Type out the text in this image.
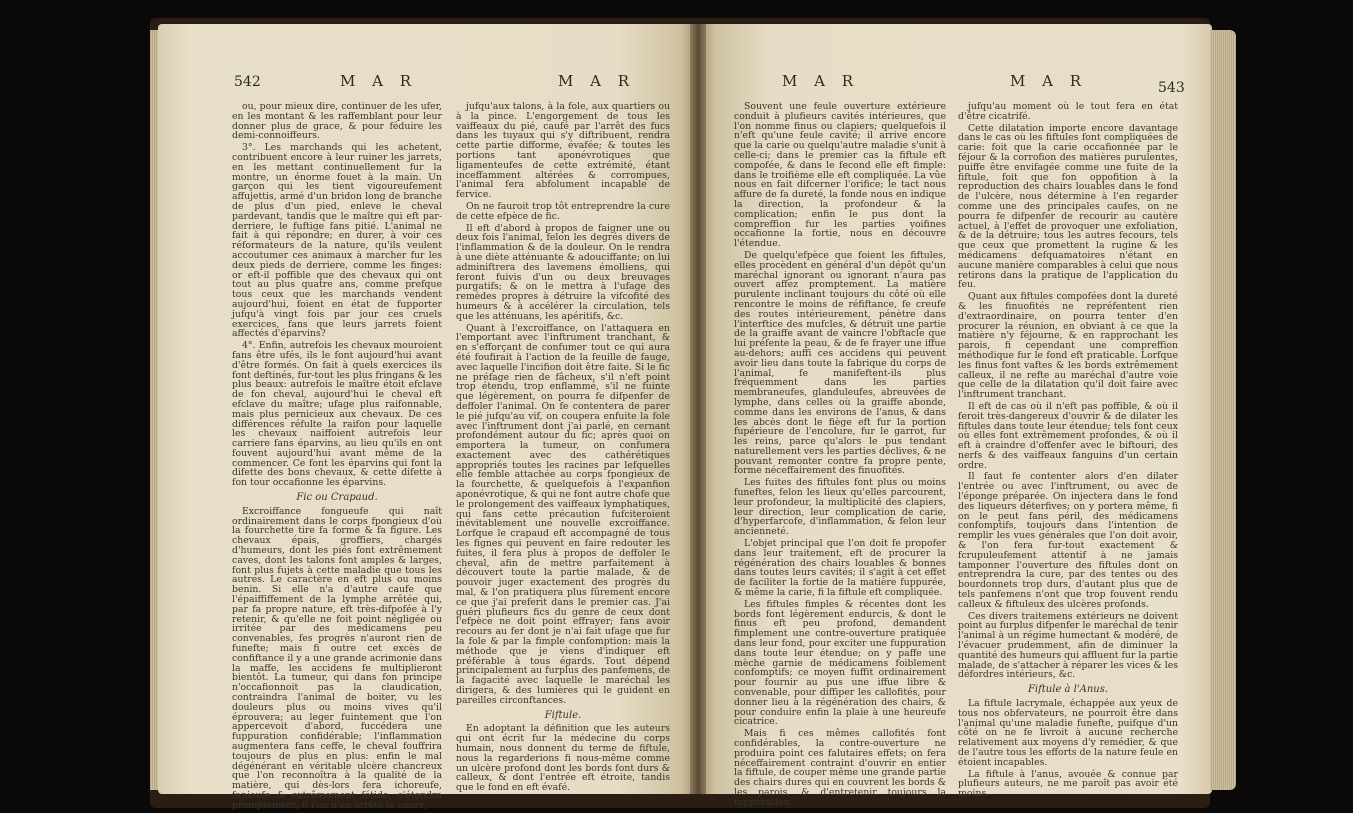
542	M A R	M A R

ou, pour mieux dire, continuer de les ufer, en les montant & les raffemblant pour leur donner plus de grace, & pour féduire les demi-connoiffeurs.

3°. Les marchands qui les achetent, contribuent encore à leur ruiner les jarrets, en les mettant continuellement fur la montre, un énorme fouet à la main. Un garçon qui les tient vigoureufement affujettis, armé d'un bridon long de branche de plus d'un pied, enleve le cheval pardevant, tandis que le maître qui eft par-derriere, le fuftige fans pitié. L'animal ne fait à qui répondre; en durer, à voir ces réformateurs de la nature, qu'ils veulent accoutumer ces animaux à marcher fur les deux pieds de derriere, comme les finges: or eft-il poffible que des chevaux qui ont tout au plus quatre ans, comme prefque tous ceux que les marchands vendent aujourd'hui, foient en état de fupporter jufqu'à vingt fois par jour ces cruels exercices, fans que leurs jarrets foient affectés d'éparvins?

4°. Enfin, autrefois les chevaux mouroient fans être ufés, ils le font aujourd'hui avant d'être formés. On fait à quels exercices ils font deftinés, fur-tout les plus fringans & les plus beaux: autrefois le maître étoit efclave de fon cheval, aujourd'hui le cheval eft efclave du maître; ufage plus raifonnable, mais plus pernicieux aux chevaux. De ces différences réfulte la raifon pour laquelle les chevaux naiffoient autrefois leur carriere fans éparvins, au lieu qu'ils en ont fouvent aujourd'hui avant même de la commencer. Ce font les éparvins qui font la difette des bons chevaux, & cette difette à fon tour occafionne les éparvins.

Fic ou Crapaud.

Excroiffance fongueufe qui naît ordinairement dans le corps fpongieux d'où la fourchette tire fa forme & fa figure. Les chevaux épais, groffiers, chargés d'humeurs, dont les piés font extrêmement caves, dont les talons font amples & larges, font plus fujets à cette maladie que tous les autres. Le caractère en eft plus ou moins benin. Si elle n'a d'autre caufe que l'épaiffiffement de la lymphe arrêtée qui, par fa propre nature, eft très-difpofée à l'y retenir, & qu'elle ne foit point négligée ou irritée par des médicamens peu convenables, fes progrès n'auront rien de funefte; mais fi outre cet excès de confiftance il y a une grande acrimonie dans la maffe, les accidens fe multiplieront bientôt. La tumeur, qui dans fon principe n'occafionnoit pas la claudication, contraindra l'animal de boiter, vu les douleurs plus ou moins vives qu'il éprouvera; au leger fuintement que l'on appercevoit d'abord, fuccédera une fuppuration confidérable; l'inflammation augmentera fans ceffe, le cheval fouffrira toujours de plus en plus: enfin le mal dégénérant en véritable ulcère chancreux que l'on reconnoîtra à la qualité de la matière, qui dès-lors fera ichoreufe, fanieufe & extrêmement fétide, s'étendra promptement, fi l'on n'en arrête le cours,

jufqu'aux talons, à la fole, aux quartiers ou à la pince. L'engorgement de tous les vaiffeaux du pié, caufé par l'arrêt des fucs dans les tuyaux qui s'y diftribuent, rendra cette partie difforme, évafée; & toutes les portions tant aponévrotiques que ligamenteufes de cette extrémité, étant inceffamment altérées & corrompues, l'animal fera abfolument incapable de fervice.

On ne fauroit trop tôt entreprendre la cure de cette efpèce de fic.

Il eft d'abord à propos de faigner une ou deux fois l'animal, felon les degrés divers de l'inflammation & de la douleur. On le rendra à une diète atténuante & adouciffante; on lui adminiftrera des lavemens émolliens, qui feront fuivis d'un ou deux breuvages purgatifs; & on le mettra à l'ufage des remèdes propres à détruire la vifcofité des humeurs & à accélérer la circulation, tels que les atténuans, les apéritifs, &c.

Quant à l'excroiffance, on l'attaquera en l'emportant avec l'inftrument tranchant, & en s'efforçant de confumer tout ce qui aura été foufirait à l'action de la feuille de fauge, avec laquelle l'incifion doit être faite. Si le fic ne préfage rien de fâcheux, s'il n'eft point trop étendu, trop enflammé, s'il ne fuinte que légèrement, on pourra fe difpenfer de deffoler l'animal. On fe contentera de parer le pié jufqu'au vif, on coupera enfuite la fole avec l'inftrument dont j'ai parlé, en cernant profondément autour du fic; après quoi on emportera la tumeur, on confumera exactement avec des cathérétiques appropriés toutes les racines par lefquelles elle femble attachée au corps fpongieux de la fourchette, & quelquefois à l'expanfion aponévrotique, & qui ne font autre chofe que le prolongement des vaiffeaux lymphatiques, qui fans cette précaution fufciteroient inévitablement une nouvelle excroiffance. Lorfque le crapaud eft accompagné de tous les fignes qui peuvent en faire redouter les fuites, il fera plus à propos de deffoler le cheval, afin de mettre parfaitement à découvert toute la partie malade, & de pouvoir juger exactement des progrès du mal, & l'on pratiquera plus fûrement encore ce que j'ai preferit dans le premier cas. J'ai guéri plufieurs fics du genre de ceux dont l'efpèce ne doit point effrayer; fans avoir recours au fer dont je n'ai fait ufage que fur la fole & par la fimple confomption: mais la méthode que je viens d'indiquer eft préférable à tous égards. Tout dépend principalement au furplus des panfemens, de la fagacité avec laquelle le maréchal les dirigera, & des lumières qui le guident en pareilles circonftances.

Fiftule.

En adoptant la définition que les auteurs qui ont écrit fur la médecine du corps humain, nous donnent du terme de fiftule, nous la regarderions fi nous-même comme un ulcère profond dont les bords font durs & calleux, & dont l'entrée eft étroite, tandis que le fond en eft évafé.

M A R	M A R	543

Souvent une feule ouverture extérieure conduit à plufieurs cavités intérieures, que l'on nomme finus ou clapiers; quelquefois il n'eft qu'une feule cavité; il arrive encore que la carie ou quelqu'autre maladie s'unit à celle-ci; dans le premier cas la fiftule eft compofée, & dans le fecond elle eft fimple: dans le troifième elle eft compliquée. La vûe nous en fait difcerner l'orifice; le tact nous affure de fa dureté, la fonde nous en indique la direction, la profondeur & la complication; enfin le pus dont la compreffion fur les parties voifines occafionne la fortie, nous en découvre l'étendue.

De quelqu'efpèce que foient les fiftules, elles procèdent en général d'un dépôt qu'un maréchal ignorant ou ignorant n'aura pas ouvert affez promptement. La matière purulente inclinant toujours du côté où elle rencontre le moins de réfiftance, fe creufe des routes intérieurement, pénètre dans l'interftice des mufcles, & détruit une partie de la graiffe avant de vaincre l'obftacle que lui préfente la peau, & de fe frayer une iffue au-dehors; auffi ces accidens qui peuvent avoir lieu dans toute la fabrique du corps de l'animal, fe manifeftent-ils plus fréquemment dans les parties membraneufes, glanduleufes, abreuvées de lymphe, dans celles où la graiffe abonde, comme dans les environs de l'anus, & dans les abcès dont le fiège eft fur la portion fupérieure de l'encolure, fur le garrot, fur les reins, parce qu'alors le pus tendant naturellement vers les parties déclives, & ne pouvant remonter contre fa propre pente, forme néceffairement des finuofités.

Les fuites des fiftules font plus ou moins funeftes, felon les lieux qu'elles parcourent, leur profondeur, la multiplicité des clapiers, leur direction, leur complication de carie, d'hyperfarcofe, d'inflammation, & felon leur ancienneté.

L'objet principal que l'on doit fe propofer dans leur traitement, eft de procurer la régénération des chairs louables & bonnes dans toutes leurs cavités; il s'agit à cet effet de faciliter la fortie de la matière fuppurée, & même la carie, fi la fiftule eft compliquée.

Les fiftules fimples & récentes dont les bords font légèrement endurcis, & dont le finus eft peu profond, demandent fimplement une contre-ouverture pratiquée dans leur fond, pour exciter une fuppuration dans toute leur étendue; on y paffe une mèche garnie de médicamens foiblement confomptifs; ce moyen fuffit ordinairement pour fournir au pus une iffue libre & convenable, pour diffiper les callofités, pour donner lieu à la régénération des chairs, & pour conduire enfin la plaie à une heureufe cicatrice.

Mais fi ces mêmes callofités font confidérables, la contre-ouverture ne produira point ces falutaires effets; on fera néceffairement contraint d'ouvrir en entier la fiftule, de couper même une grande partie des chairs dures qui en couvrent les bords & les parois, & d'entretenir toujours la fuppuration

jufqu'au moment où le tout fera en état d'être cicatrifé.

Cette dilatation importe encore davantage dans le cas où les fiftules font compliquées de carie: foit que la carie occafionnée par le féjour & la corrofion des matières purulentes, puiffe être envifagée comme une fuite de la fiftule, foit que fon oppofition à la reproduction des chairs louables dans le fond de l'ulcère, nous détermine à l'en regarder comme une des principales caufes, on ne pourra fe difpenfer de recourir au cautère actuel, à l'effet de provoquer une exfoliation, & de la détruire; tous les autres fecours, tels que ceux que promettent la rugine & les médicamens defquamatoires n'étant en aucune manière comparables à celui que nous retirons dans la pratique de l'application du feu.

Quant aux fiftules compofées dont la dureté & les finuofités ne repréfentent rien d'extraordinaire, on pourra tenter d'en procurer la réunion, en obviant à ce que la matière n'y féjourne, & en rapprochant les parois, fi cependant une compreffion méthodique fur le fond eft praticable. Lorfque les finus font vaftes & les bords extrêmement calleux, il ne refte au maréchal d'autre voie que celle de la dilatation qu'il doit faire avec l'inftrument tranchant.

Il eft de cas où il n'eft pas poffible, & où il feroit très-dangereux d'ouvrir & de dilater les fiftules dans toute leur étendue; tels font ceux où elles font extrêmement profondes, & où il eft à craindre d'offenfer avec le biftouri, des nerfs & des vaiffeaux fanguins d'un certain ordre.

Il faut fe contenter alors d'en dilater l'entrée ou avec l'inftrument, ou avec de l'éponge préparée. On injectera dans le fond des liqueurs déterfives; on y portera même, fi on le peut fans péril, des médicamens confomptifs, toujours dans l'intention de remplir les vues générales que l'on doit avoir, & l'on fera fur-tout exactement & fcrupuleufement attentif à ne jamais tamponner l'ouverture des fiftules dont on entreprendra la cure, par des tentes ou des bourdonnets trop durs, d'autant plus que de tels panfemens n'ont que trop fouvent rendu calleux & fiftuleux des ulcères profonds.

Ces divers traitemens extérieurs ne doivent point au furplus difpenfer le maréchal de tenir l'animal à un régime humectant & modéré, de l'évacuer prudemment, afin de diminuer la quantité des humeurs qui affluent fur la partie malade, de s'attacher à réparer les vices & les défordres intérieurs, &c.

Fiftule à l'Anus.

La fiftule lacrymale, échappée aux yeux de tous nos obfervateurs, ne pourroit être dans l'animal qu'une maladie funefte, puifque d'un côté on ne fe livroit à aucune recherche relativement aux moyens d'y remédier, & que de l'autre tous les efforts de la nature feule en étoient incapables.

La fiftule à l'anus, avouée & connue par plufieurs auteurs, ne me paroît pas avoir été moins
